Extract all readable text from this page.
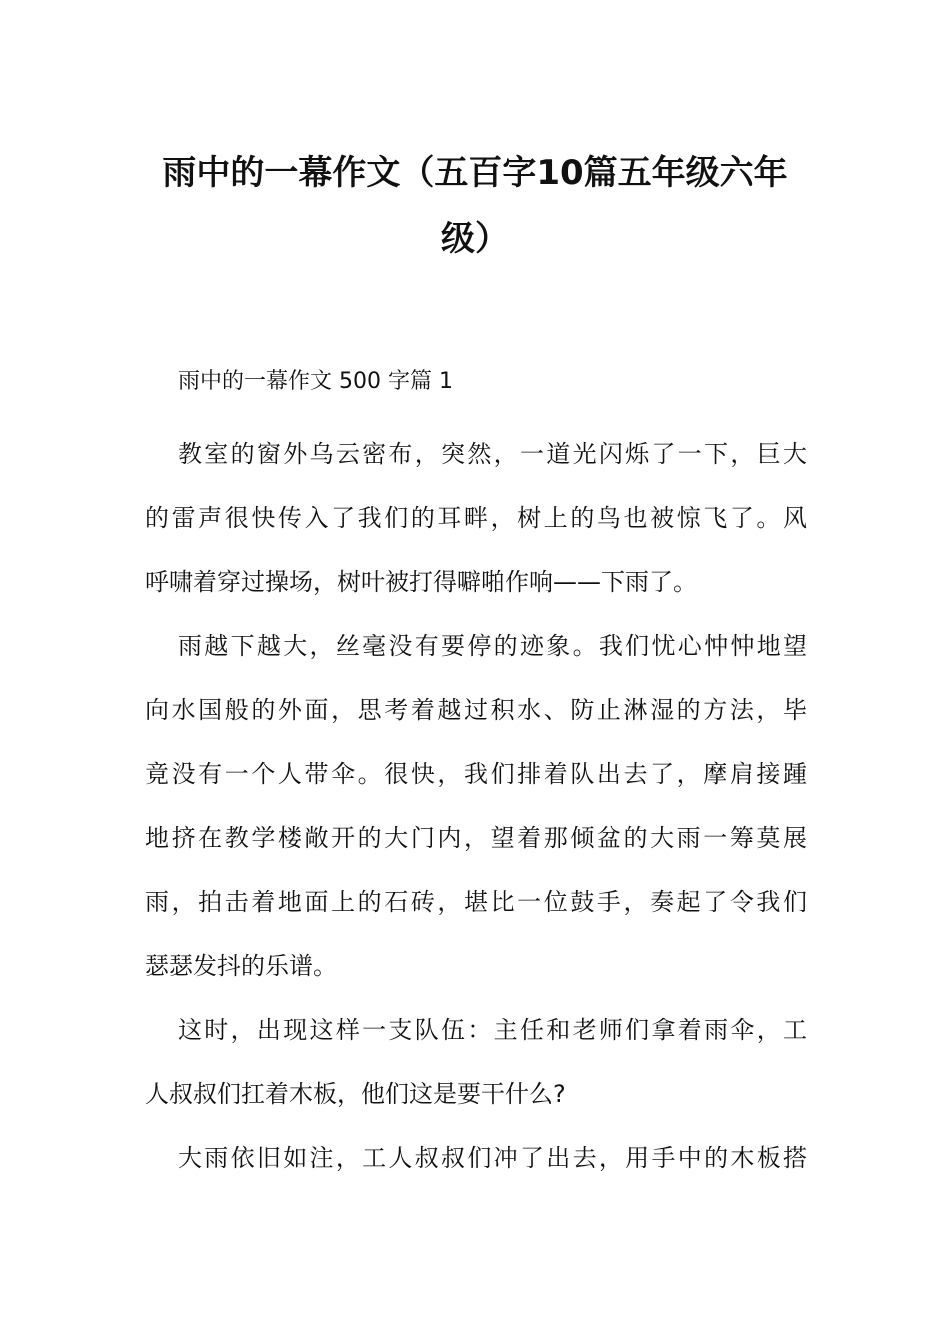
雨中的一幕作文（五百字10篇五年级六年
级）

雨中的一幕作文 500 字篇 1

教室的窗外乌云密布，突然，一道光闪烁了一下，巨大
的雷声很快传入了我们的耳畔，树上的鸟也被惊飞了。风
呼啸着穿过操场，树叶被打得噼啪作响——下雨了。

雨越下越大，丝毫没有要停的迹象。我们忧心忡忡地望
向水国般的外面，思考着越过积水、防止淋湿的方法，毕
竟没有一个人带伞。很快，我们排着队出去了，摩肩接踵
地挤在教学楼敞开的大门内，望着那倾盆的大雨一筹莫展
雨，拍击着地面上的石砖，堪比一位鼓手，奏起了令我们
瑟瑟发抖的乐谱。

这时，出现这样一支队伍：主任和老师们拿着雨伞，工
人叔叔们扛着木板，他们这是要干什么?

大雨依旧如注，工人叔叔们冲了出去，用手中的木板搭
